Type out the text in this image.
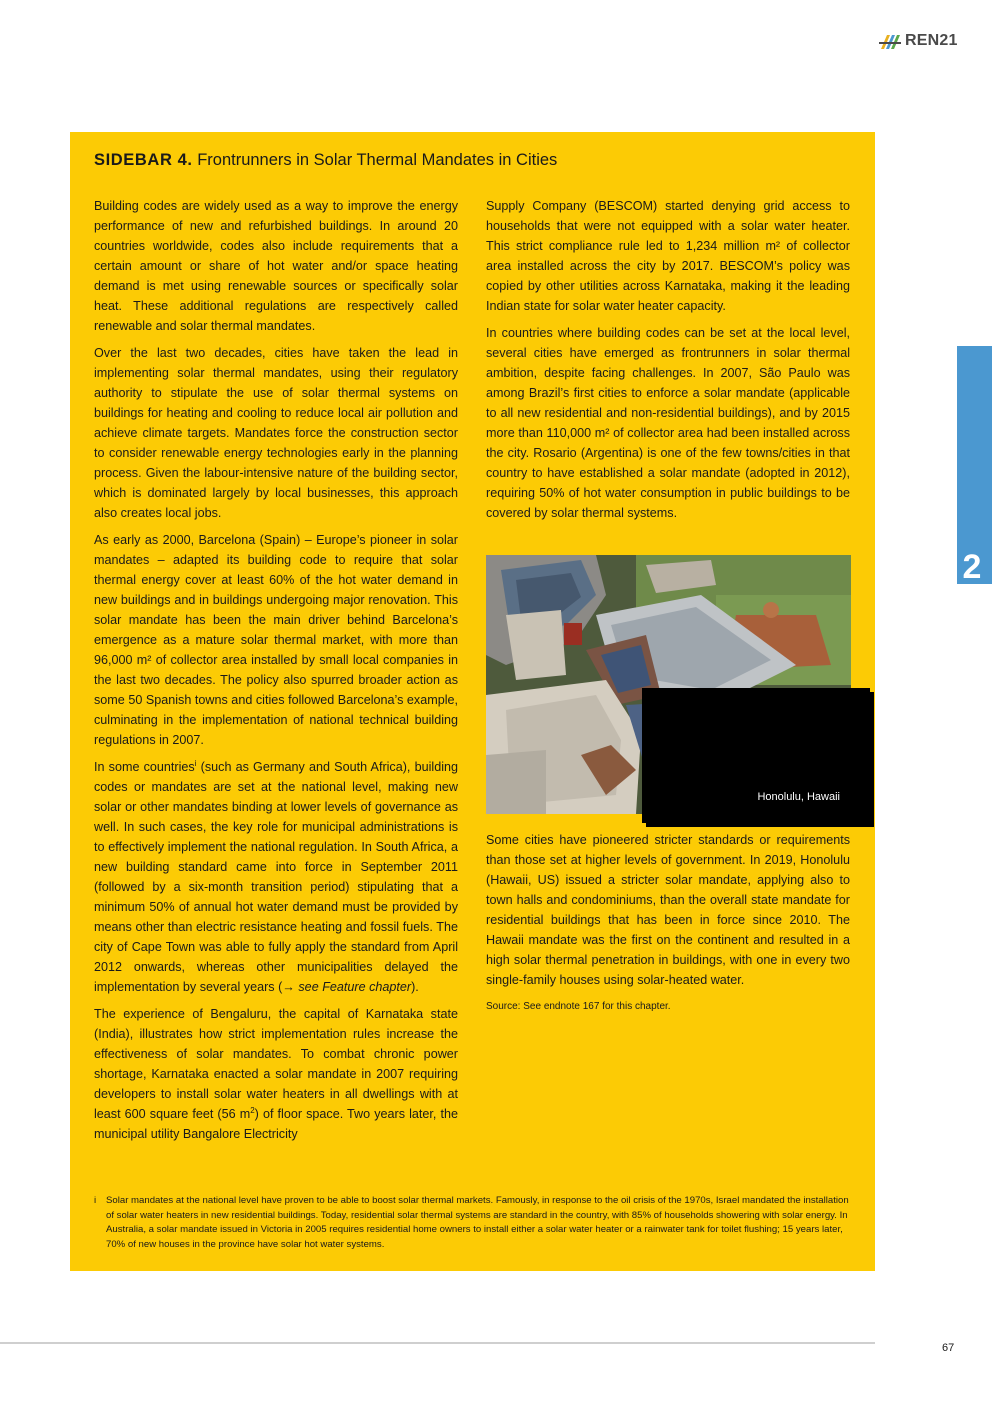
REN21
2
SIDEBAR 4. Frontrunners in Solar Thermal Mandates in Cities

Building codes are widely used as a way to improve the energy performance of new and refurbished buildings. In around 20 countries worldwide, codes also include requirements that a certain amount or share of hot water and/or space heating demand is met using renewable sources or specifically solar heat. These additional regulations are respectively called renewable and solar thermal mandates.

Over the last two decades, cities have taken the lead in implementing solar thermal mandates, using their regulatory authority to stipulate the use of solar thermal systems on buildings for heating and cooling to reduce local air pollution and achieve climate targets. Mandates force the construction sector to consider renewable energy technologies early in the planning process. Given the labour-intensive nature of the building sector, which is dominated largely by local businesses, this approach also creates local jobs.

As early as 2000, Barcelona (Spain) – Europe’s pioneer in solar mandates – adapted its building code to require that solar thermal energy cover at least 60% of the hot water demand in new buildings and in buildings undergoing major renovation. This solar mandate has been the main driver behind Barcelona’s emergence as a mature solar thermal market, with more than 96,000 m² of collector area installed by small local companies in the last two decades. The policy also spurred broader action as some 50 Spanish towns and cities followed Barcelona’s example, culminating in the implementation of national technical building regulations in 2007.

In some countries$^i$ (such as Germany and South Africa), building codes or mandates are set at the national level, making new solar or other mandates binding at lower levels of governance as well. In such cases, the key role for municipal administrations is to effectively implement the national regulation. In South Africa, a new building standard came into force in September 2011 (followed by a six-month transition period) stipulating that a minimum 50% of annual hot water demand must be provided by means other than electric resistance heating and fossil fuels. The city of Cape Town was able to fully apply the standard from April 2012 onwards, whereas other municipalities delayed the implementation by several years (→ see Feature chapter).

The experience of Bengaluru, the capital of Karnataka state (India), illustrates how strict implementation rules increase the effectiveness of solar mandates. To combat chronic power shortage, Karnataka enacted a solar mandate in 2007 requiring developers to install solar water heaters in all dwellings with at least 600 square feet (56 $m^2$) of floor space. Two years later, the municipal utility Bangalore Electricity

Supply Company (BESCOM) started denying grid access to households that were not equipped with a solar water heater. This strict compliance rule led to 1,234 million m² of collector area installed across the city by 2017. BESCOM’s policy was copied by other utilities across Karnataka, making it the leading Indian state for solar water heater capacity.

In countries where building codes can be set at the local level, several cities have emerged as frontrunners in solar thermal ambition, despite facing challenges. In 2007, São Paulo was among Brazil’s first cities to enforce a solar mandate (applicable to all new residential and non-residential buildings), and by 2015 more than 110,000 m² of collector area had been installed across the city. Rosario (Argentina) is one of the few towns/cities in that country to have established a solar mandate (adopted in 2012), requiring 50% of hot water consumption in public buildings to be covered by solar thermal systems.

Honolulu, Hawaii

Some cities have pioneered stricter standards or requirements than those set at higher levels of government. In 2019, Honolulu (Hawaii, US) issued a stricter solar mandate, applying also to town halls and condominiums, than the overall state mandate for residential buildings that has been in force since 2010. The Hawaii mandate was the first on the continent and resulted in a high solar thermal penetration in buildings, with one in every two single-family houses using solar-heated water.

Source: See endnote 167 for this chapter.

i	Solar mandates at the national level have proven to be able to boost solar thermal markets. Famously, in response to the oil crisis of the 1970s, Israel mandated the installation of solar water heaters in new residential buildings. Today, residential solar thermal systems are standard in the country, with 85% of households showering with solar energy. In Australia, a solar mandate issued in Victoria in 2005 requires residential home owners to install either a solar water heater or a rainwater tank for toilet flushing; 15 years later, 70% of new houses in the province have solar hot water systems.
67
